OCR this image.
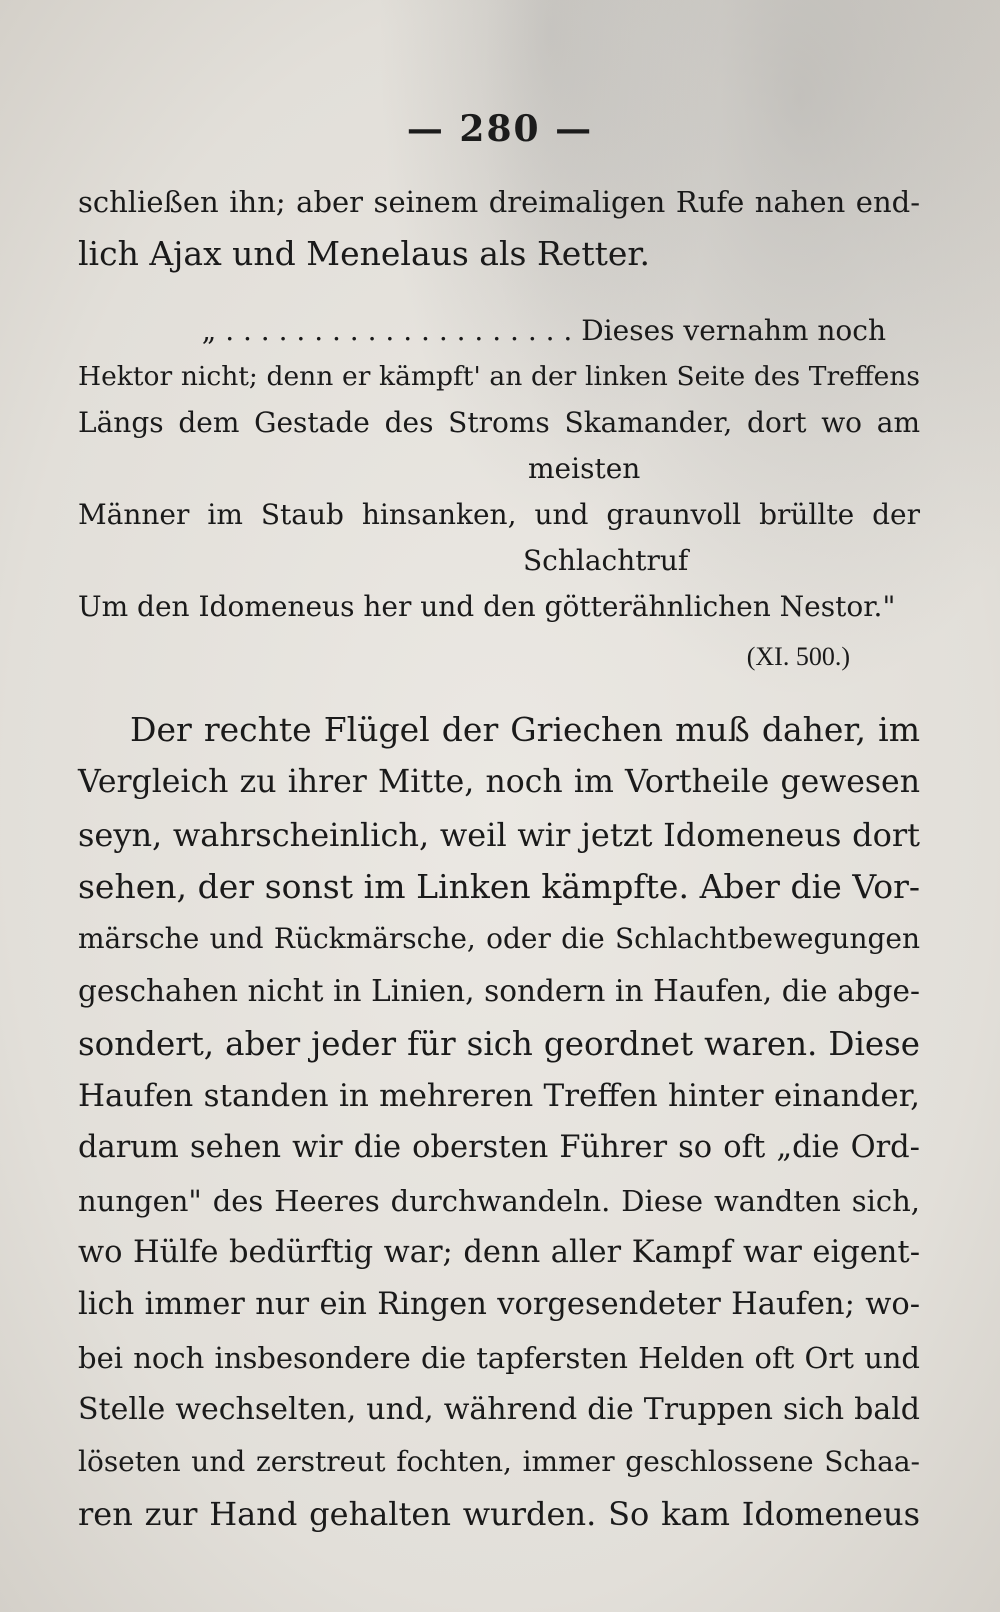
— 280 —
schließen ihn; aber seinem dreimaligen Rufe nahen end-
lich Ajax und Menelaus als Retter.
„ . . . . . . . . . . . . . . . . . . . . Dieses vernahm noch
Hektor nicht; denn er kämpft' an der linken Seite des Treffens
Längs dem Gestade des Stroms Skamander, dort wo am
meisten
Männer im Staub hinsanken, und graunvoll brüllte der
Schlachtruf
Um den Idomeneus her und den götterähnlichen Nestor."
(XI. 500.)
Der rechte Flügel der Griechen muß daher, im
Vergleich zu ihrer Mitte, noch im Vortheile gewesen
seyn, wahrscheinlich, weil wir jetzt Idomeneus dort
sehen, der sonst im Linken kämpfte. Aber die Vor-
märsche und Rückmärsche, oder die Schlachtbewegungen
geschahen nicht in Linien, sondern in Haufen, die abge-
sondert, aber jeder für sich geordnet waren. Diese
Haufen standen in mehreren Treffen hinter einander,
darum sehen wir die obersten Führer so oft „die Ord-
nungen" des Heeres durchwandeln. Diese wandten sich,
wo Hülfe bedürftig war; denn aller Kampf war eigent-
lich immer nur ein Ringen vorgesendeter Haufen; wo-
bei noch insbesondere die tapfersten Helden oft Ort und
Stelle wechselten, und, während die Truppen sich bald
löseten und zerstreut fochten, immer geschlossene Schaa-
ren zur Hand gehalten wurden. So kam Idomeneus
